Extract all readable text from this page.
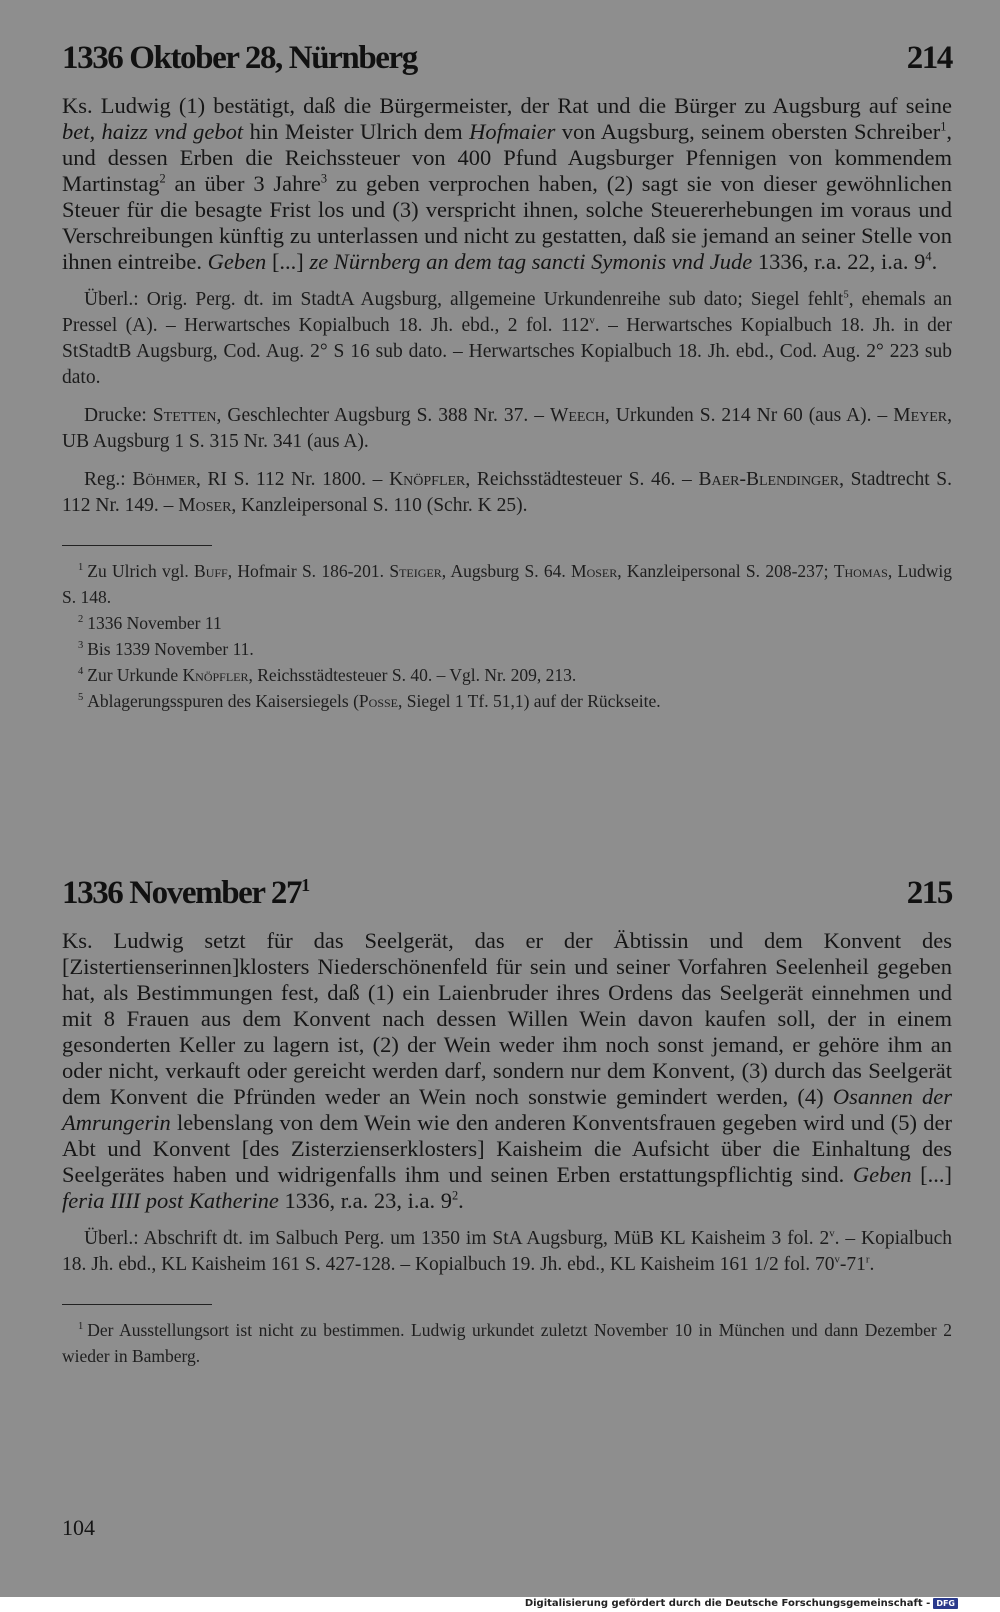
1336 Oktober 28, Nürnberg	214

Ks. Ludwig (1) bestätigt, daß die Bürgermeister, der Rat und die Bürger zu Augsburg auf seine bet, haizz vnd gebot hin Meister Ulrich dem Hofmaier von Augsburg, seinem obersten Schreiber$^1$, und dessen Erben die Reichssteuer von 400 Pfund Augsburger Pfennigen von kommendem Martinstag$^2$ an über 3 Jahre$^3$ zu geben verprochen haben, (2) sagt sie von dieser gewöhnlichen Steuer für die besagte Frist los und (3) verspricht ihnen, solche Steuererhebungen im voraus und Verschreibungen künftig zu unterlassen und nicht zu gestatten, daß sie jemand an seiner Stelle von ihnen eintreibe. Geben [...] ze Nürnberg an dem tag sancti Symonis vnd Jude 1336, r.a. 22, i.a. $9^4$.

Überl.: Orig. Perg. dt. im StadtA Augsburg, allgemeine Urkundenreihe sub dato; Siegel fehlt$^5$, ehemals an Pressel (A). – Herwartsches Kopialbuch 18. Jh. ebd., 2 fol. 112$^v$. – Herwartsches Kopialbuch 18. Jh. in der StStadtB Augsburg, Cod. Aug. 2° S 16 sub dato. – Herwartsches Kopialbuch 18. Jh. ebd., Cod. Aug. 2° 223 sub dato.

Drucke: Stetten, Geschlechter Augsburg S. 388 Nr. 37. – Weech, Urkunden S. 214 Nr 60 (aus A). – Meyer, UB Augsburg 1 S. 315 Nr. 341 (aus A).

Reg.: Böhmer, RI S. 112 Nr. 1800. – Knöpfler, Reichsstädtesteuer S. 46. – Baer-Blendinger, Stadtrecht S. 112 Nr. 149. – Moser, Kanzleipersonal S. 110 (Schr. K 25).

$^1$ Zu Ulrich vgl. Buff, Hofmair S. 186-201. Steiger, Augsburg S. 64. Moser, Kanzleipersonal S. 208-237; Thomas, Ludwig S. 148.

$^2$ 1336 November 11

$^3$ Bis 1339 November 11.

$^4$ Zur Urkunde Knöpfler, Reichsstädtesteuer S. 40. – Vgl. Nr. 209, 213.

$^5$ Ablagerungsspuren des Kaisersiegels (Posse, Siegel 1 Tf. 51,1) auf der Rückseite.

1336 November $27^1$	215

Ks. Ludwig setzt für das Seelgerät, das er der Äbtissin und dem Konvent des [Zistertienserinnen]klosters Niederschönenfeld für sein und seiner Vorfahren Seelenheil gegeben hat, als Bestimmungen fest, daß (1) ein Laienbruder ihres Ordens das Seelgerät einnehmen und mit 8 Frauen aus dem Konvent nach dessen Willen Wein davon kaufen soll, der in einem gesonderten Keller zu lagern ist, (2) der Wein weder ihm noch sonst jemand, er gehöre ihm an oder nicht, verkauft oder gereicht werden darf, sondern nur dem Konvent, (3) durch das Seelgerät dem Konvent die Pfründen weder an Wein noch sonstwie gemindert werden, (4) Osannen der Amrungerin lebenslang von dem Wein wie den anderen Konventsfrauen gegeben wird und (5) der Abt und Konvent [des Zisterzienserklosters] Kaisheim die Aufsicht über die Einhaltung des Seelgerätes haben und widrigenfalls ihm und seinen Erben erstattungspflichtig sind. Geben [...] feria IIII post Katherine 1336, r.a. 23, i.a. $9^2$.

Überl.: Abschrift dt. im Salbuch Perg. um 1350 im StA Augsburg, MüB KL Kaisheim 3 fol. 2$^v$. – Kopialbuch 18. Jh. ebd., KL Kaisheim 161 S. 427-128. – Kopialbuch 19. Jh. ebd., KL Kaisheim 161 1/2 fol. 70$^v$-71$^r$.

$^1$ Der Ausstellungsort ist nicht zu bestimmen. Ludwig urkundet zuletzt November 10 in München und dann Dezember 2 wieder in Bamberg.

104
Digitalisierung gefördert durch die Deutsche Forschungsgemeinschaft - DFG
